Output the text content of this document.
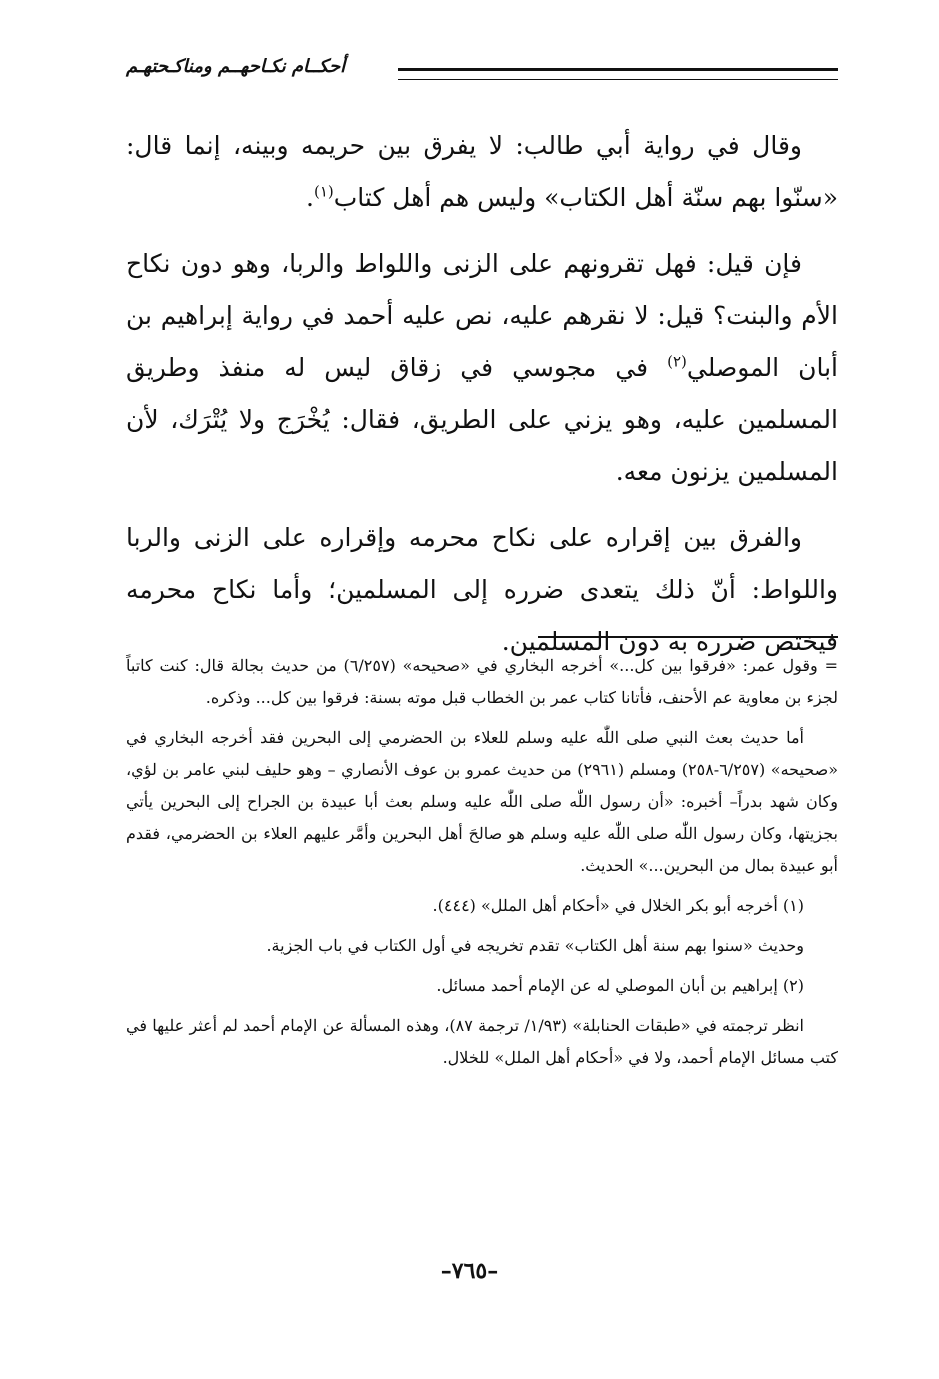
أحكــام نكـاحهــم ومناكـحتهـم

وقال في رواية أبي طالب: لا يفرق بين حريمه وبينه، إنما قال: «سنّوا بهم سنّة أهل الكتاب» وليس هم أهل كتاب$^{(١)}$.

فإن قيل: فهل تقرونهم على الزنى واللواط والربا، وهو دون نكاح الأم والبنت؟ قيل: لا نقرهم عليه، نص عليه أحمد في رواية إبراهيم بن أبان الموصلي$^{(٢)}$ في مجوسي في زقاق ليس له منفذ وطريق المسلمين عليه، وهو يزني على الطريق، فقال: يُخْرَج ولا يُتْرَك، لأن المسلمين يزنون معه.

والفرق بين إقراره على نكاح محرمه وإقراره على الزنى والربا واللواط: أنّ ذلك يتعدى ضرره إلى المسلمين؛ وأما نكاح محرمه فيختص ضرره به دون المسلمين.

= وقول عمر: «فرقوا بين كل...» أخرجه البخاري في «صحيحه» (٦/٢٥٧) من حديث بجالة قال: كنت كاتباً لجزء بن معاوية عم الأحنف، فأتانا كتاب عمر بن الخطاب قبل موته بسنة: فرقوا بين كل... وذكره.

أما حديث بعث النبي صلى اللّٰه عليه وسلم للعلاء بن الحضرمي إلى البحرين فقد أخرجه البخاري في «صحيحه» (٦/٢٥٧-٢٥٨) ومسلم (٢٩٦١) من حديث عمرو بن عوف الأنصاري – وهو حليف لبني عامر بن لؤي، وكان شهد بدراً– أخبره: «أن رسول اللّٰه صلى اللّٰه عليه وسلم بعث أبا عبيدة بن الجراح إلى البحرين يأتي بجزيتها، وكان رسول اللّٰه صلى اللّٰه عليه وسلم هو صالحَ أهل البحرين وأمَّر عليهم العلاء بن الحضرمي، فقدم أبو عبيدة بمال من البحرين...» الحديث.

(١) أخرجه أبو بكر الخلال في «أحكام أهل الملل» (٤٤٤).

وحديث «سنوا بهم سنة أهل الكتاب» تقدم تخريجه في أول الكتاب في باب الجزية.

(٢) إبراهيم بن أبان الموصلي له عن الإمام أحمد مسائل.

انظر ترجمته في «طبقات الحنابلة» (١/٩٣/ ترجمة ٨٧)، وهذه المسألة عن الإمام أحمد لم أعثر عليها في كتب مسائل الإمام أحمد، ولا في «أحكام أهل الملل» للخلال.

–٧٦٥–
